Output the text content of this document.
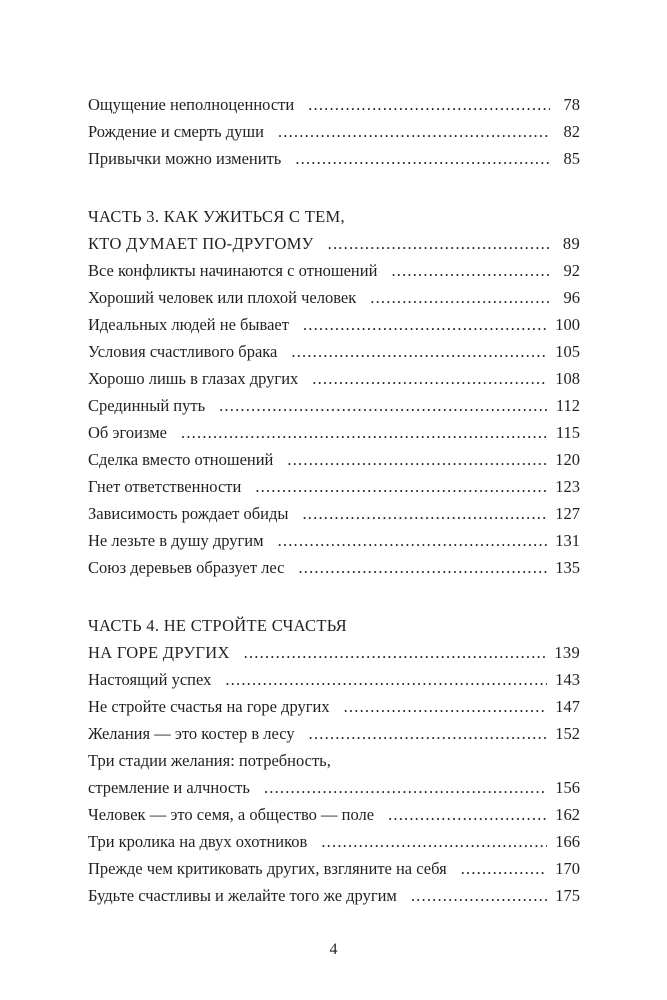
Ощущение неполноценности .....	78
Рождение и смерть души .....	82
Привычки можно изменить .....	85
ЧАСТЬ 3. КАК УЖИТЬСЯ С ТЕМ,
КТО ДУМАЕТ ПО-ДРУГОМУ .....	89
Все конфликты начинаются с отношений .....	92
Хороший человек или плохой человек .....	96
Идеальных людей не бывает .....	100
Условия счастливого брака .....	105
Хорошо лишь в глазах других .....	108
Срединный путь .....	112
Об эгоизме .....	115
Сделка вместо отношений .....	120
Гнет ответственности .....	123
Зависимость рождает обиды .....	127
Не лезьте в душу другим .....	131
Союз деревьев образует лес .....	135
ЧАСТЬ 4. НЕ СТРОЙТЕ СЧАСТЬЯ
НА ГОРЕ ДРУГИХ .....	139
Настоящий успех .....	143
Не стройте счастья на горе других .....	147
Желания — это костер в лесу .....	152
Три стадии желания: потребность,
стремление и алчность .....	156
Человек — это семя, а общество — поле .....	162
Три кролика на двух охотников .....	166
Прежде чем критиковать других, взгляните на себя .....	170
Будьте счастливы и желайте того же другим .....	175
4
